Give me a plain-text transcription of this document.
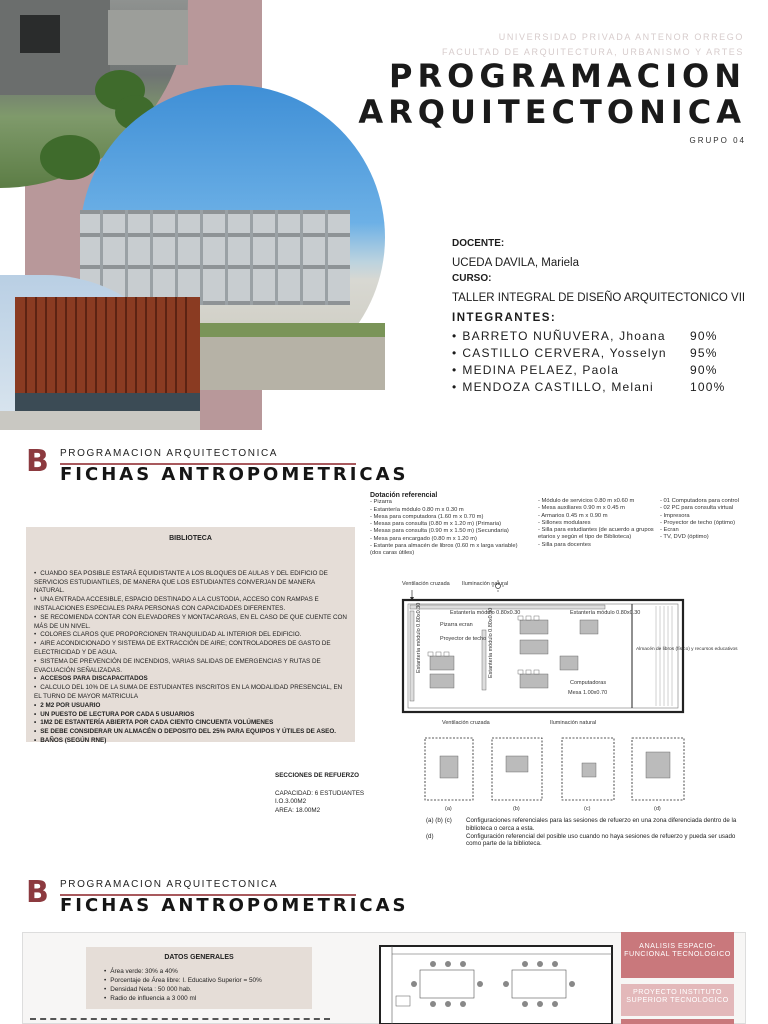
UNIVERSIDAD PRIVADA ANTENOR ORREGO
FACULTAD DE ARQUITECTURA, URBANISMO Y ARTES
PROGRAMACION
ARQUITECTONICA
GRUPO 04
DOCENTE:
UCEDA DAVILA, Mariela
CURSO:
TALLER INTEGRAL DE DISEÑO ARQUITECTONICO VII
INTEGRANTES:
• BARRETO NUÑUVERA, Jhoana	90%
• CASTILLO CERVERA, Yosselyn	95%
• MEDINA PELAEZ, Paola	90%
• MENDOZA CASTILLO, Melani	100%
B PROGRAMACION ARQUITECTONICA
FICHAS ANTROPOMETRICAS
BIBLIOTECA
• CUANDO SEA POSIBLE ESTARÁ EQUIDISTANTE A LOS BLOQUES DE AULAS Y DEL EDIFICIO DE SERVICIOS ESTUDIANTILES, DE MANERA QUE LOS ESTUDIANTES CONVERJAN DE MANERA NATURAL.
• UNA ENTRADA ACCESIBLE, ESPACIO DESTINADO A LA CUSTODIA, ACCESO CON RAMPAS E INSTALACIONES ESPECIALES PARA PERSONAS CON CAPACIDADES DIFERENTES.
• SE RECOMIENDA CONTAR CON ELEVADORES Y MONTACARGAS, EN EL CASO DE QUE CUENTE CON MÁS DE UN NIVEL.
• COLORES CLAROS QUE PROPORCIONEN TRANQUILIDAD AL INTERIOR DEL EDIFICIO.
• AIRE ACONDICIONADO Y SISTEMA DE EXTRACCIÓN DE AIRE; CONTROLADORES DE GASTO DE ELECTRICIDAD Y DE AGUA.
• SISTEMA DE PREVENCIÓN DE INCENDIOS, VARIAS SALIDAS DE EMERGENCIAS Y RUTAS DE EVACUACIÓN SEÑALIZADAS.
• ACCESOS PARA DISCAPACITADOS
• CALCULO DEL 10% DE LA SUMA DE ESTUDIANTES INSCRITOS EN LA MODALIDAD PRESENCIAL, EN EL TURNO DE MAYOR MATRICULA
• 2 M2 POR USUARIO
• UN PUESTO DE LECTURA POR CADA 5 USUARIOS
• 1M2 DE ESTANTERÍA ABIERTA POR CADA CIENTO CINCUENTA VOLÚMENES
• SE DEBE CONSIDERAR UN ALMACÉN O DEPOSITO DEL 25% PARA EQUIPOS Y ÚTILES DE ASEO.
• BAÑOS (SEGÚN RNE)
SECCIONES DE REFUERZO
CAPACIDAD: 6 ESTUDIANTES
I.O.3.00M2
AREA: 18.00M2
Dotación referencial
- Pizarra
- Estantería módulo 0.80 m x 0.30 m
- Mesa para computadora (1.60 m x 0.70 m)
- Mesas para consulta (0.80 m x 1.20 m) (Primaria)
- Mesas para consulta (0.90 m x 1.50 m) (Secundaria)
- Mesa para encargado (0.80 m x 1.20 m)
- Estante para almacén de libros (0.60 m x larga variable) (dos caras útiles)
- Módulo de servicios 0.80 m x0.60 m
- Mesa auxiliares 0.90 m x 0.45 m
- Armarios 0.45 m x 0.90 m
- Sillones modulares
- Silla para estudiantes (de acuerdo a grupos etarios y según el tipo de Biblioteca)
- Silla para docentes
- 01 Computadora para control
- 02 PC para consulta virtual
- Impresora
- Proyector de techo (óptimo)
- Ecran
- TV, DVD (óptimo)
Ventilación cruzada Iluminación natural
Estantería módulo 0.80x0.30	Estantería módulo 0.80x0.30
Estantería módulo 0.80x0.30	Estantería módulo 0.80x0.30
Pizarra ecran
Proyector de techo
Computadoras
Mesa 1.00x0.70
Almacén de libros (físico) y recursos educativos
Ventilación cruzada	Iluminación natural
(a)	(b)	(c)	(d)
(a) (b) (c)	Configuraciones referenciales para las sesiones de refuerzo en una zona diferenciada dentro de la biblioteca o cerca a esta.
(d)	Configuración referencial del posible uso cuando no haya sesiones de refuerzo y pueda ser usado como parte de la biblioteca.
B PROGRAMACION ARQUITECTONICA
FICHAS ANTROPOMETRICAS
DATOS GENERALES
• Área verde: 30% a 40%
• Porcentaje de Área libre: I. Educativo Superior = 50%
• Densidad Neta : 50 000 hab.
• Radio de influencia a 3 000 ml
ANALISIS ESPACIO- FUNCIONAL TECNOLOGICO
PROYECTO INSTITUTO SUPERIOR TECNOLOGICO
